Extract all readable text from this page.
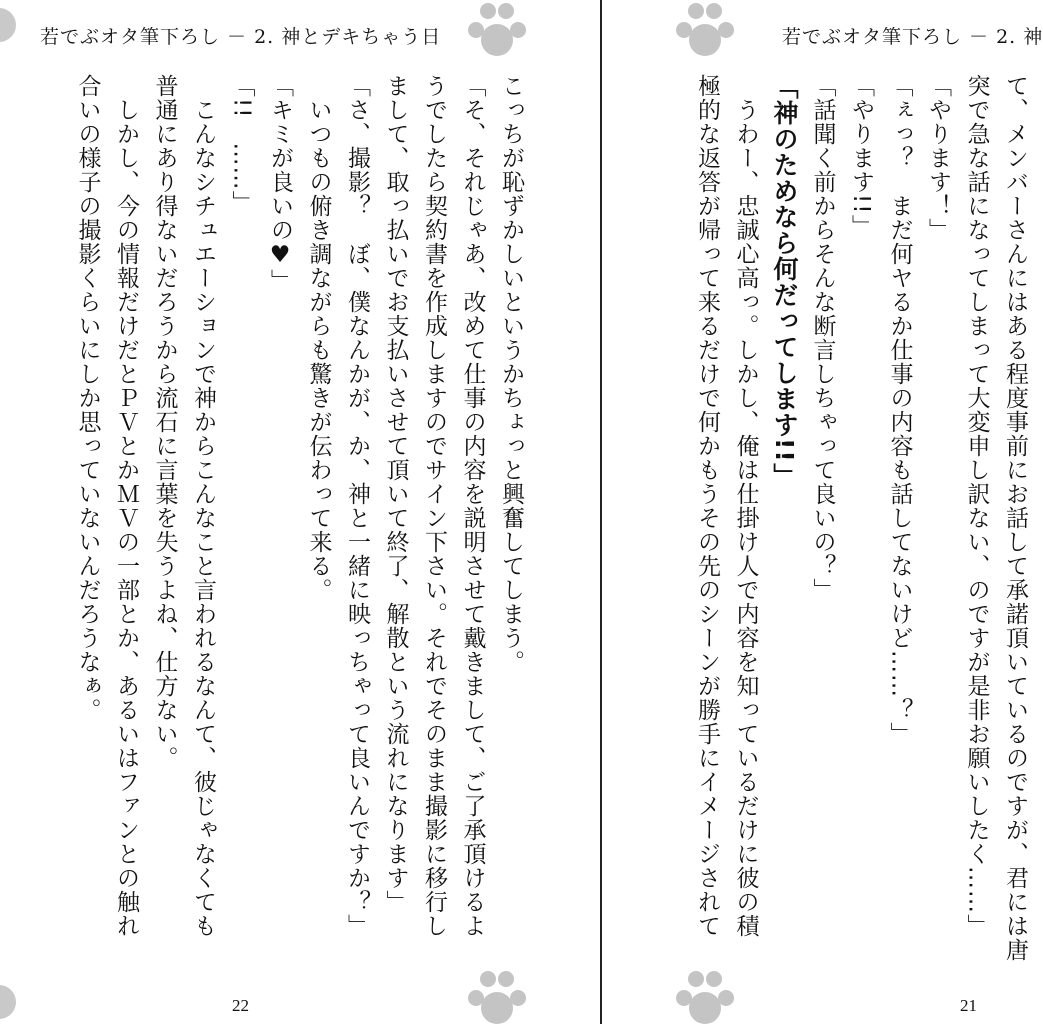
若でぶオタ筆下ろし － 2. 神とデキちゃう日

こっちが恥ずかしいというかちょっと興奮してしまう。

「そ、それじゃあ、改めて仕事の内容を説明させて戴きまして、ご了承頂けるよ

うでしたら契約書を作成しますのでサイン下さい。それでそのまま撮影に移行し

まして、取っ払いでお支払いさせて頂いて終了、解散という流れになります」

「さ、撮影？　ぼ、僕なんかが、か、神と一緒に映っちゃって良いんですか？」

　いつもの俯き調ながらも驚きが伝わって来る。

「キミが良いの♥」

「!!　……」

　こんなシチュエーションで神からこんなこと言われるなんて、彼じゃなくても

普通にあり得ないだろうから流石に言葉を失うよね、仕方ない。

　しかし、今の情報だけだとＰＶとかＭＶの一部とか、あるいはファンとの触れ

合いの様子の撮影くらいにしか思っていないんだろうなぁ。

22
若でぶオタ筆下ろし － 2. 神

て、メンバーさんにはある程度事前にお話して承諾頂いているのですが、君には唐

突で急な話になってしまって大変申し訳ない、のですが是非お願いしたく……」

「やります！」

「ぇっ？　まだ何ヤるか仕事の内容も話してないけど……？」

「やります!!」

「話聞く前からそんな断言しちゃって良いの？」

「神のためなら何だってします!!」

　うわー、忠誠心高っ。しかし、俺は仕掛け人で内容を知っているだけに彼の積

極的な返答が帰って来るだけで何かもうその先のシーンが勝手にイメージされて

21
